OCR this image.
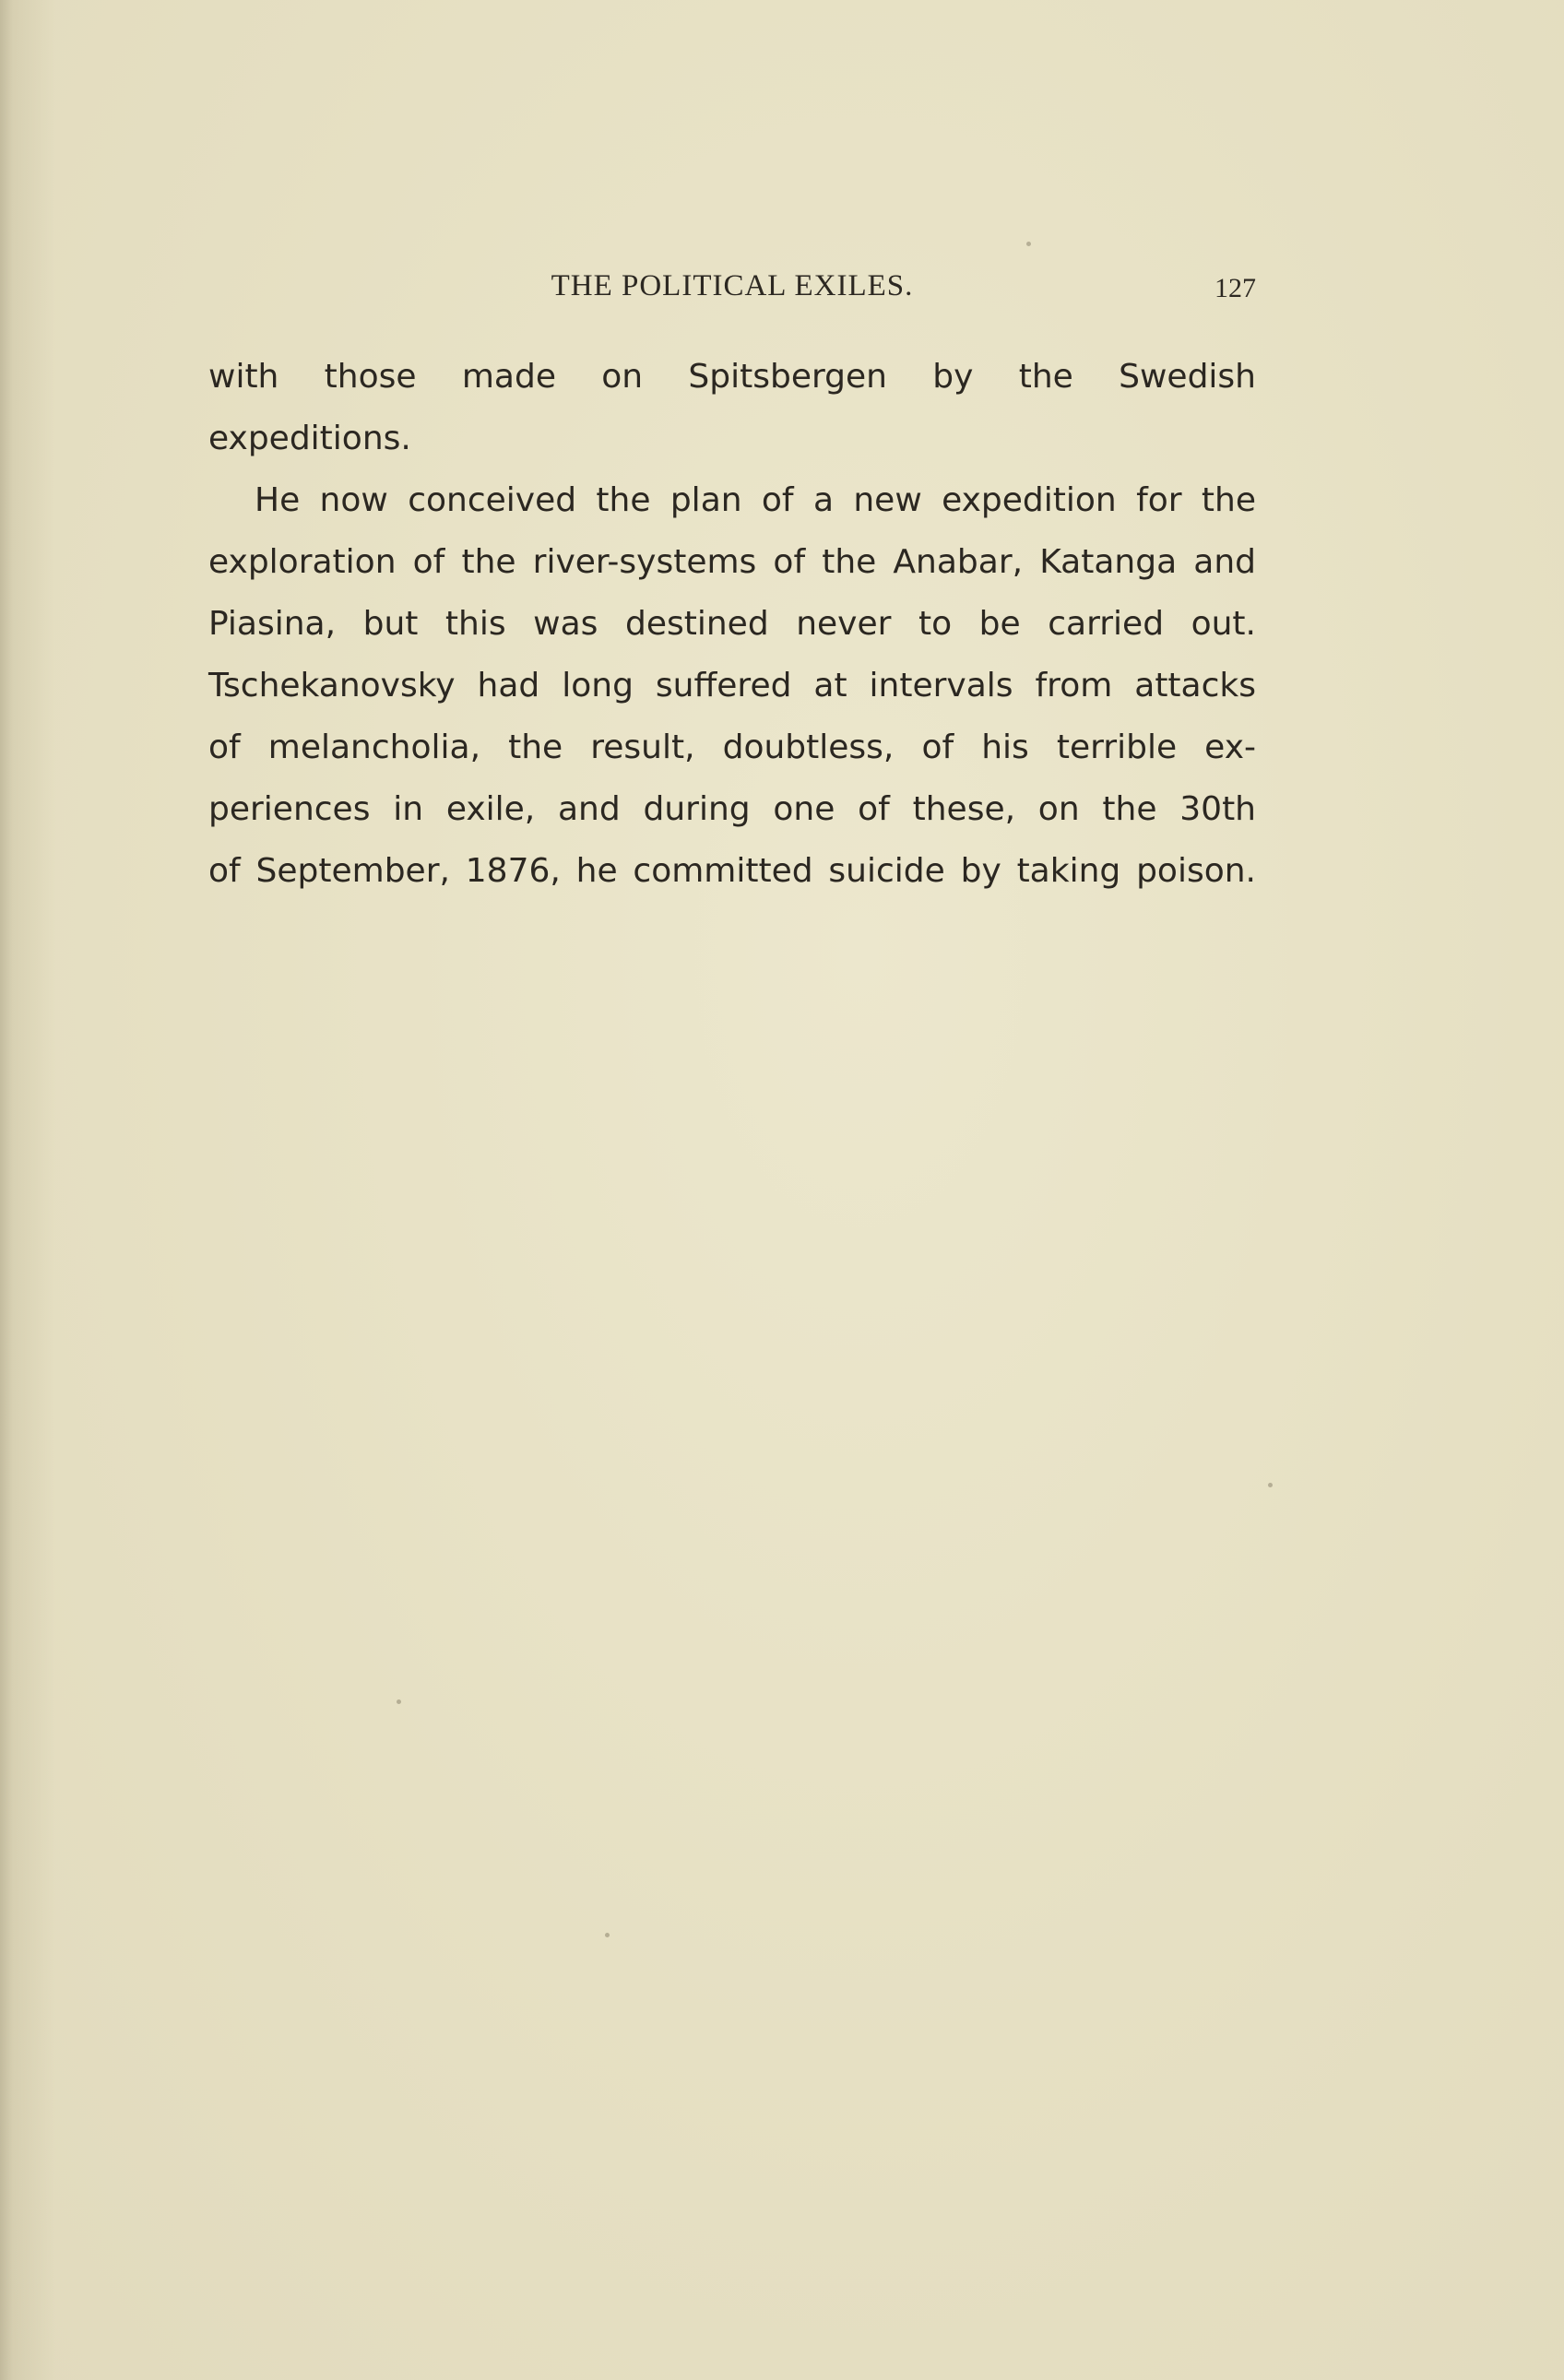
THE POLITICAL EXILES.	127
with those made on Spitsbergen by the Swedish
expeditions.
He now conceived the plan of a new expedition for the
exploration of the river-systems of the Anabar, Katanga and
Piasina, but this was destined never to be carried out.
Tschekanovsky had long suffered at intervals from attacks
of melancholia, the result, doubtless, of his terrible ex-
periences in exile, and during one of these, on the 30th
of September, 1876, he committed suicide by taking poison.
